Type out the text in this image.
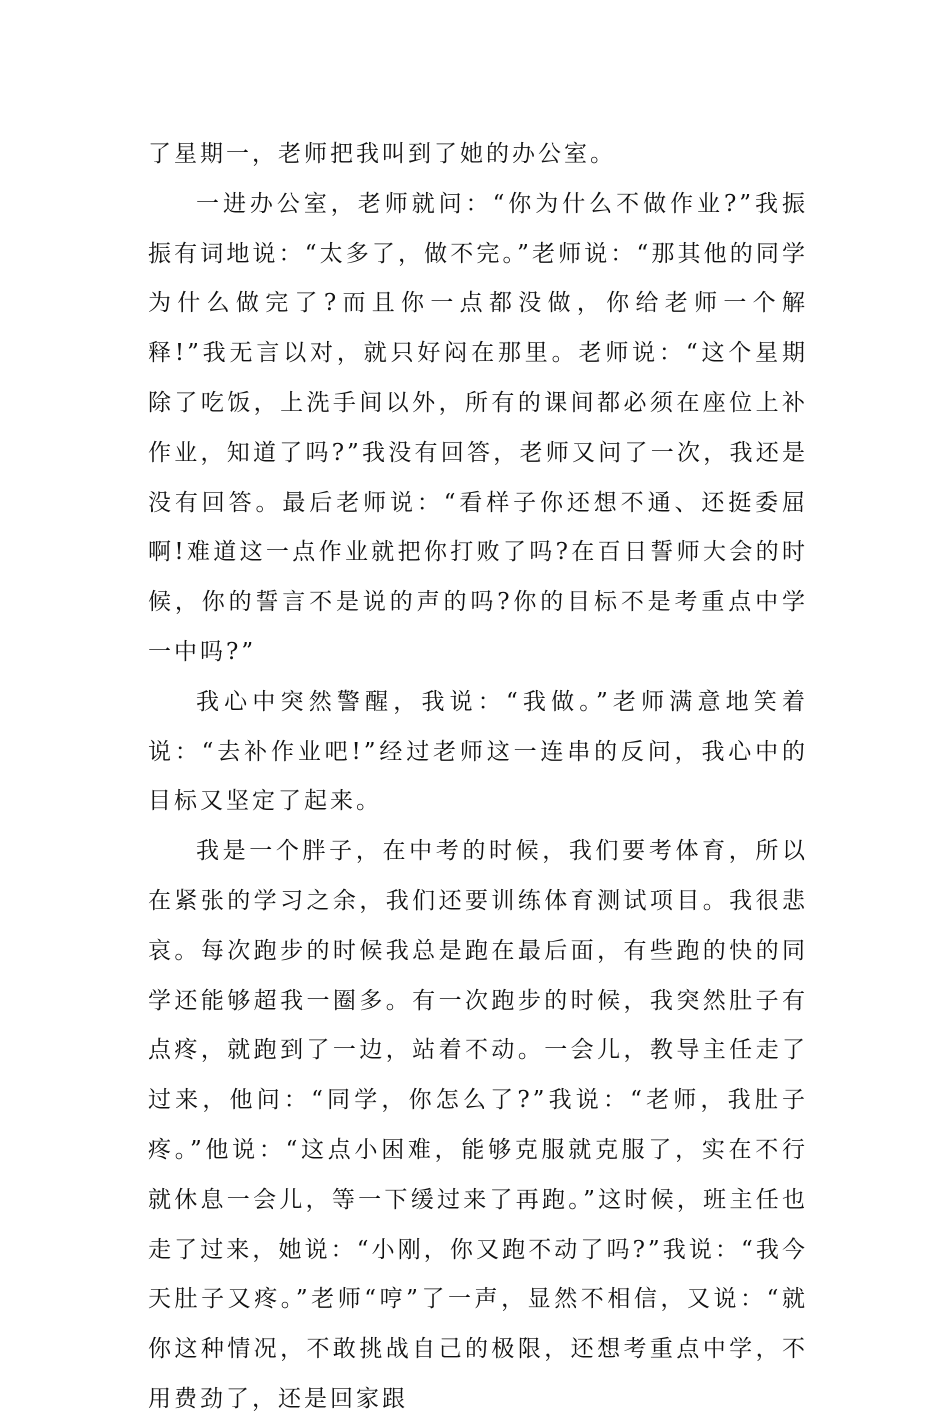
了星期一，老师把我叫到了她的办公室。

一进办公室，老师就问：“你为什么不做作业?”我振振有词地说：“太多了，做不完。”老师说：“那其他的同学为什么做完了?而且你一点都没做，你给老师一个解释!”我无言以对，就只好闷在那里。老师说：“这个星期除了吃饭，上洗手间以外，所有的课间都必须在座位上补作业，知道了吗?”我没有回答，老师又问了一次，我还是没有回答。最后老师说：“看样子你还想不通、还挺委屈啊!难道这一点作业就把你打败了吗?在百日誓师大会的时候，你的誓言不是说的声的吗?你的目标不是考重点中学一中吗?”

我心中突然警醒，我说：“我做。”老师满意地笑着说：“去补作业吧!”经过老师这一连串的反问，我心中的目标又坚定了起来。

我是一个胖子，在中考的时候，我们要考体育，所以在紧张的学习之余，我们还要训练体育测试项目。我很悲哀。每次跑步的时候我总是跑在最后面，有些跑的快的同学还能够超我一圈多。有一次跑步的时候，我突然肚子有点疼，就跑到了一边，站着不动。一会儿，教导主任走了过来，他问：“同学，你怎么了?”我说：“老师，我肚子疼。”他说：“这点小困难，能够克服就克服了，实在不行就休息一会儿，等一下缓过来了再跑。”这时候，班主任也走了过来，她说：“小刚，你又跑不动了吗?”我说：“我今天肚子又疼。”老师“哼”了一声，显然不相信，又说：“就你这种情况，不敢挑战自己的极限，还想考重点中学，不用费劲了，还是回家跟
